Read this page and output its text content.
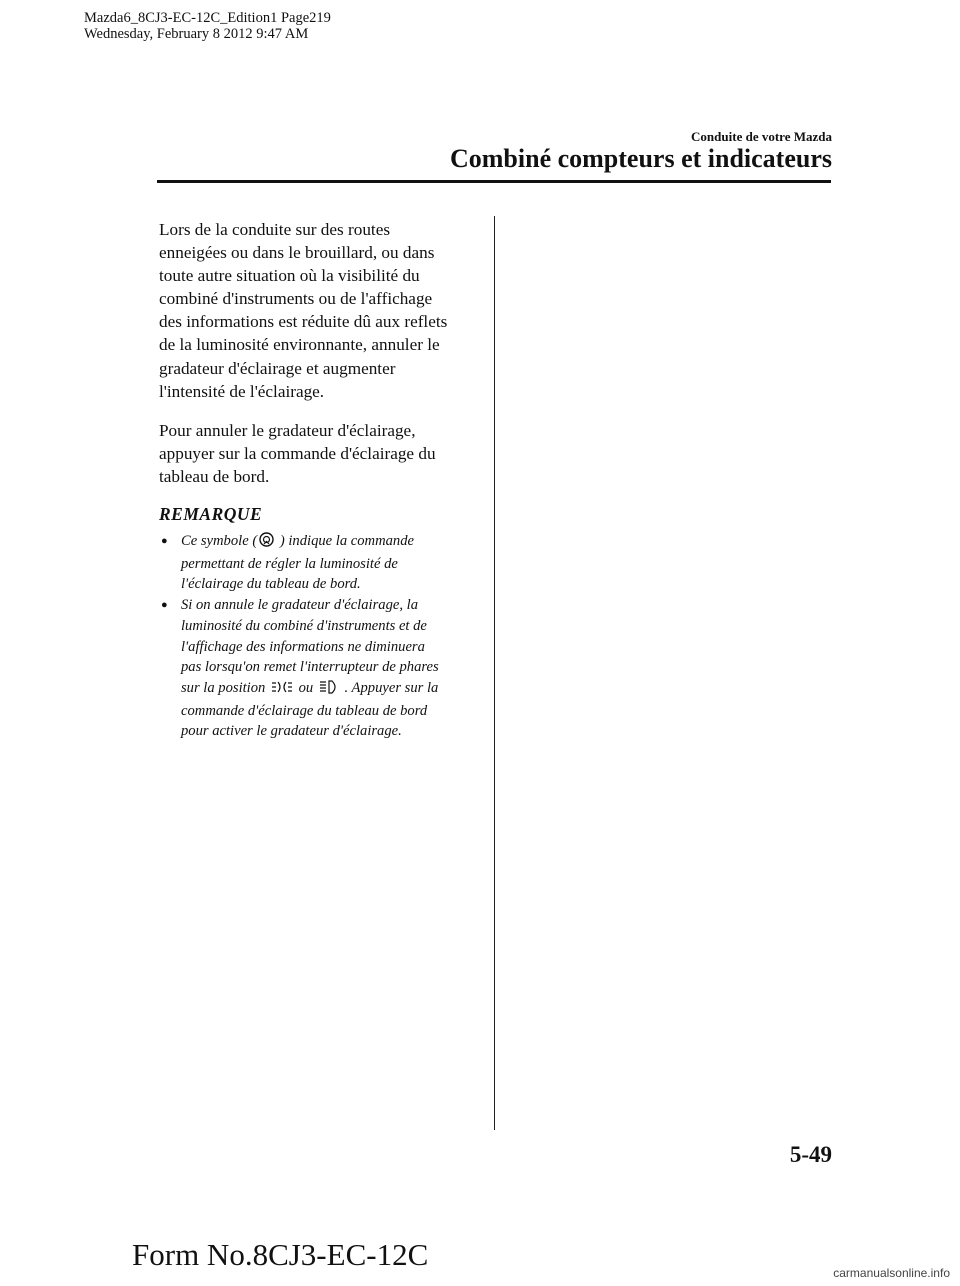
Mazda6_8CJ3-EC-12C_Edition1 Page219
Wednesday, February 8 2012 9:47 AM
Conduite de votre Mazda
Combiné compteurs et indicateurs

Lors de la conduite sur des routes
enneigées ou dans le brouillard, ou dans
toute autre situation où la visibilité du
combiné d'instruments ou de l'affichage
des informations est réduite dû aux reflets
de la luminosité environnante, annuler le
gradateur d'éclairage et augmenter
l'intensité de l'éclairage.

Pour annuler le gradateur d'éclairage,
appuyer sur la commande d'éclairage du
tableau de bord.

REMARQUE
● Ce symbole ( ) indique la commande
permettant de régler la luminosité de
l'éclairage du tableau de bord.
● Si on annule le gradateur d'éclairage, la
luminosité du combiné d'instruments et de
l'affichage des informations ne diminuera
pas lorsqu'on remet l'interrupteur de phares
sur la position  ou  . Appuyer sur la
commande d'éclairage du tableau de bord
pour activer le gradateur d'éclairage.
5-49
Form No.8CJ3-EC-12C
carmanualsonline.info
